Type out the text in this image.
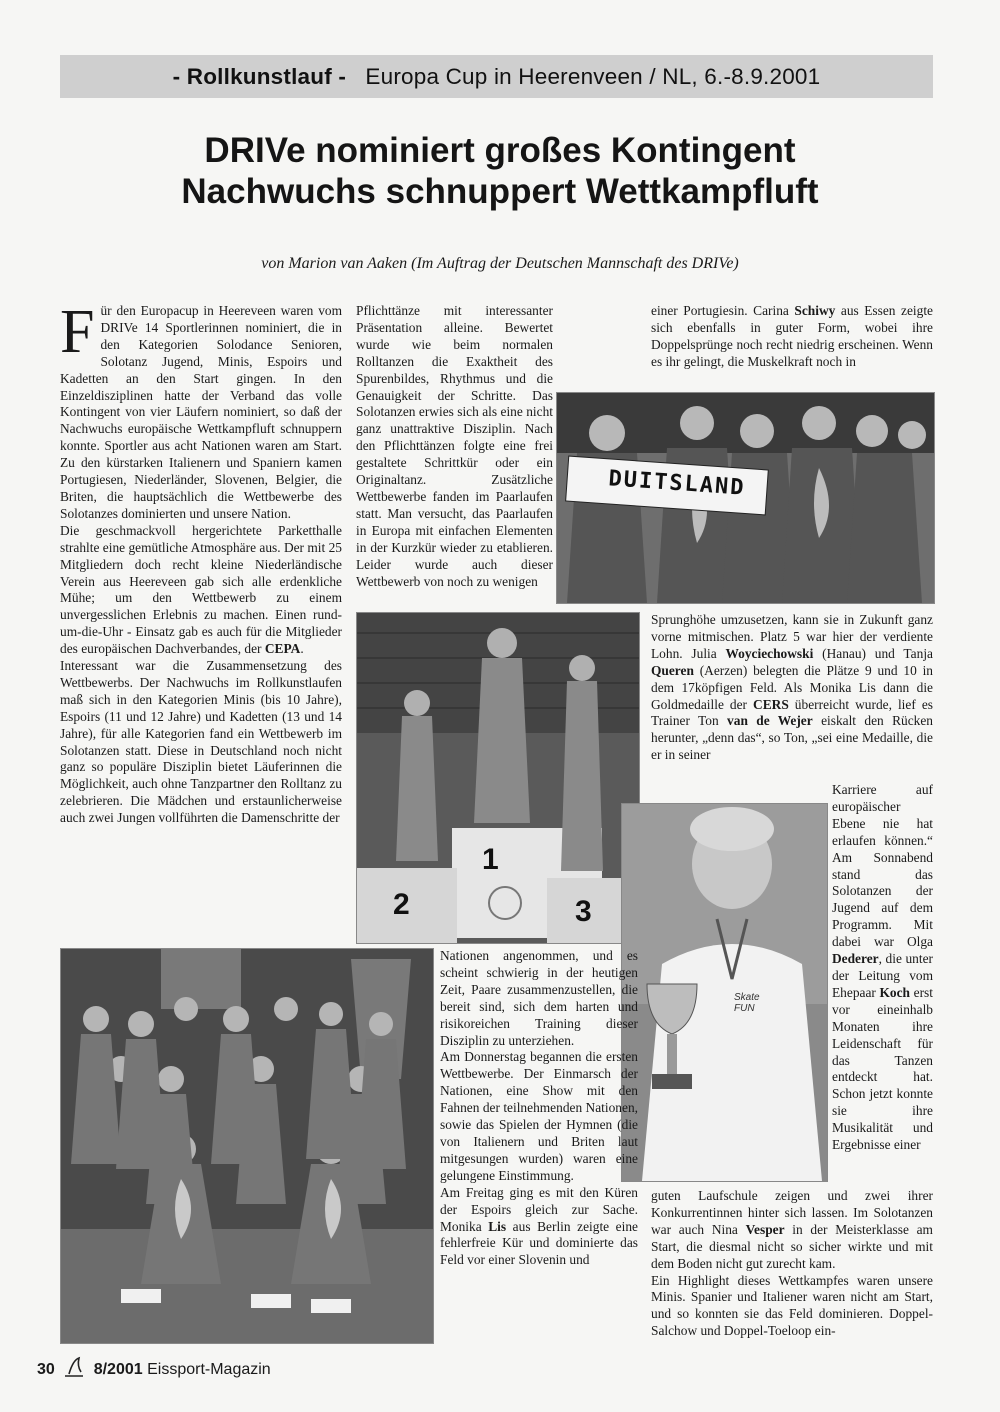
- Rollkunstlauf - Europa Cup in Heerenveen / NL, 6.-8.9.2001
DRIVe nominiert großes Kontingent
Nachwuchs schnuppert Wettkampfluft
von Marion van Aaken (Im Auftrag der Deutschen Mannschaft des DRIVe)

Für den Europacup in Heereveen waren vom DRIVe 14 Sportlerinnen nominiert, die in den Kategorien Solodance Senioren, Solotanz Jugend, Minis, Espoirs und Kadetten an den Start gingen. In den Einzeldisziplinen hatte der Verband das volle Kontingent von vier Läufern nominiert, so daß der Nachwuchs europäische Wettkampfluft schnuppern konnte. Sportler aus acht Nationen waren am Start. Zu den kürstarken Italienern und Spaniern kamen Portugiesen, Niederländer, Slovenen, Belgier, die Briten, die hauptsächlich die Wettbewerbe des Solotanzes dominierten und unsere Nation.

Die geschmackvoll hergerichtete Parketthalle strahlte eine gemütliche Atmosphäre aus. Der mit 25 Mitgliedern doch recht kleine Niederländische Verein aus Heereveen gab sich alle erdenkliche Mühe; um den Wettbewerb zu einem unvergesslichen Erlebnis zu machen. Einen rund-um-die-Uhr - Einsatz gab es auch für die Mitglieder des europäischen Dachverbandes, der CEPA.

Interessant war die Zusammensetzung des Wettbewerbs. Der Nachwuchs im Rollkunstlaufen maß sich in den Kategorien Minis (bis 10 Jahre), Espoirs (11 und 12 Jahre) und Kadetten (13 und 14 Jahre), für alle Kategorien fand ein Wettbewerb im Solotanzen statt. Diese in Deutschland noch nicht ganz so populäre Disziplin bietet Läuferinnen die Möglichkeit, auch ohne Tanzpartner den Rolltanz zu zelebrieren. Die Mädchen und erstaunlicherweise auch zwei Jungen vollführten die Damenschritte der

Pflichttänze mit interessanter Präsentation alleine. Bewertet wurde wie beim normalen Rolltanzen die Exaktheit des Spurenbildes, Rhythmus und die Genauigkeit der Schritte. Das Solotanzen erwies sich als eine nicht ganz unattraktive Disziplin. Nach den Pflichttänzen folgte eine frei gestaltete Schrittkür oder ein Originaltanz. Zusätzliche Wettbewerbe fanden im Paarlaufen statt. Man versucht, das Paarlaufen in Europa mit einfachen Elementen in der Kurzkür wieder zu etablieren. Leider wurde auch dieser Wettbewerb von noch zu wenigen

einer Portugiesin. Carina Schiwy aus Essen zeigte sich ebenfalls in guter Form, wobei ihre Doppelsprünge noch recht niedrig erscheinen. Wenn es ihr gelingt, die Muskelkraft noch in

DUITSLAND
1
2	3

Sprunghöhe umzusetzen, kann sie in Zukunft ganz vorne mitmischen. Platz 5 war hier der verdiente Lohn. Julia Woyciechowski (Hanau) und Tanja Queren (Aerzen) belegten die Plätze 9 und 10 in dem 17köpfigen Feld. Als Monika Lis dann die Goldmedaille der CERS überreicht wurde, lief es Trainer Ton van de Wejer eiskalt den Rücken herunter, „denn das“, so Ton, „sei eine Medaille, die er in seiner

Skate FUN

Karriere auf europäischer Ebene nie hat erlaufen können.“ Am Sonnabend stand das Solotanzen der Jugend auf dem Programm. Mit dabei war Olga Dederer, die unter der Leitung vom Ehepaar Koch erst vor eineinhalb Monaten ihre Leidenschaft für das Tanzen entdeckt hat. Schon jetzt konnte sie ihre Musikalität und Ergebnisse einer

guten Laufschule zeigen und zwei ihrer Konkurrentinnen hinter sich lassen. Im Solotanzen war auch Nina Vesper in der Meisterklasse am Start, die diesmal nicht so sicher wirkte und mit dem Boden nicht gut zurecht kam.

Ein Highlight dieses Wettkampfes waren unsere Minis. Spanier und Italiener waren nicht am Start, und so konnten sie das Feld dominieren. Doppel-Salchow und Doppel-Toeloop ein-

Nationen angenommen, und es scheint schwierig in der heutigen Zeit, Paare zusammenzustellen, die bereit sind, sich dem harten und risikoreichen Training dieser Disziplin zu unterziehen.

Am Donnerstag begannen die ersten Wettbewerbe. Der Einmarsch der Nationen, eine Show mit den Fahnen der teilnehmenden Nationen, sowie das Spielen der Hymnen (die von Italienern und Briten laut mitgesungen wurden) waren eine gelungene Einstimmung.

Am Freitag ging es mit den Küren der Espoirs gleich zur Sache. Monika Lis aus Berlin zeigte eine fehlerfreie Kür und dominierte das Feld vor einer Slovenin und

30 8/2001 Eissport-Magazin
